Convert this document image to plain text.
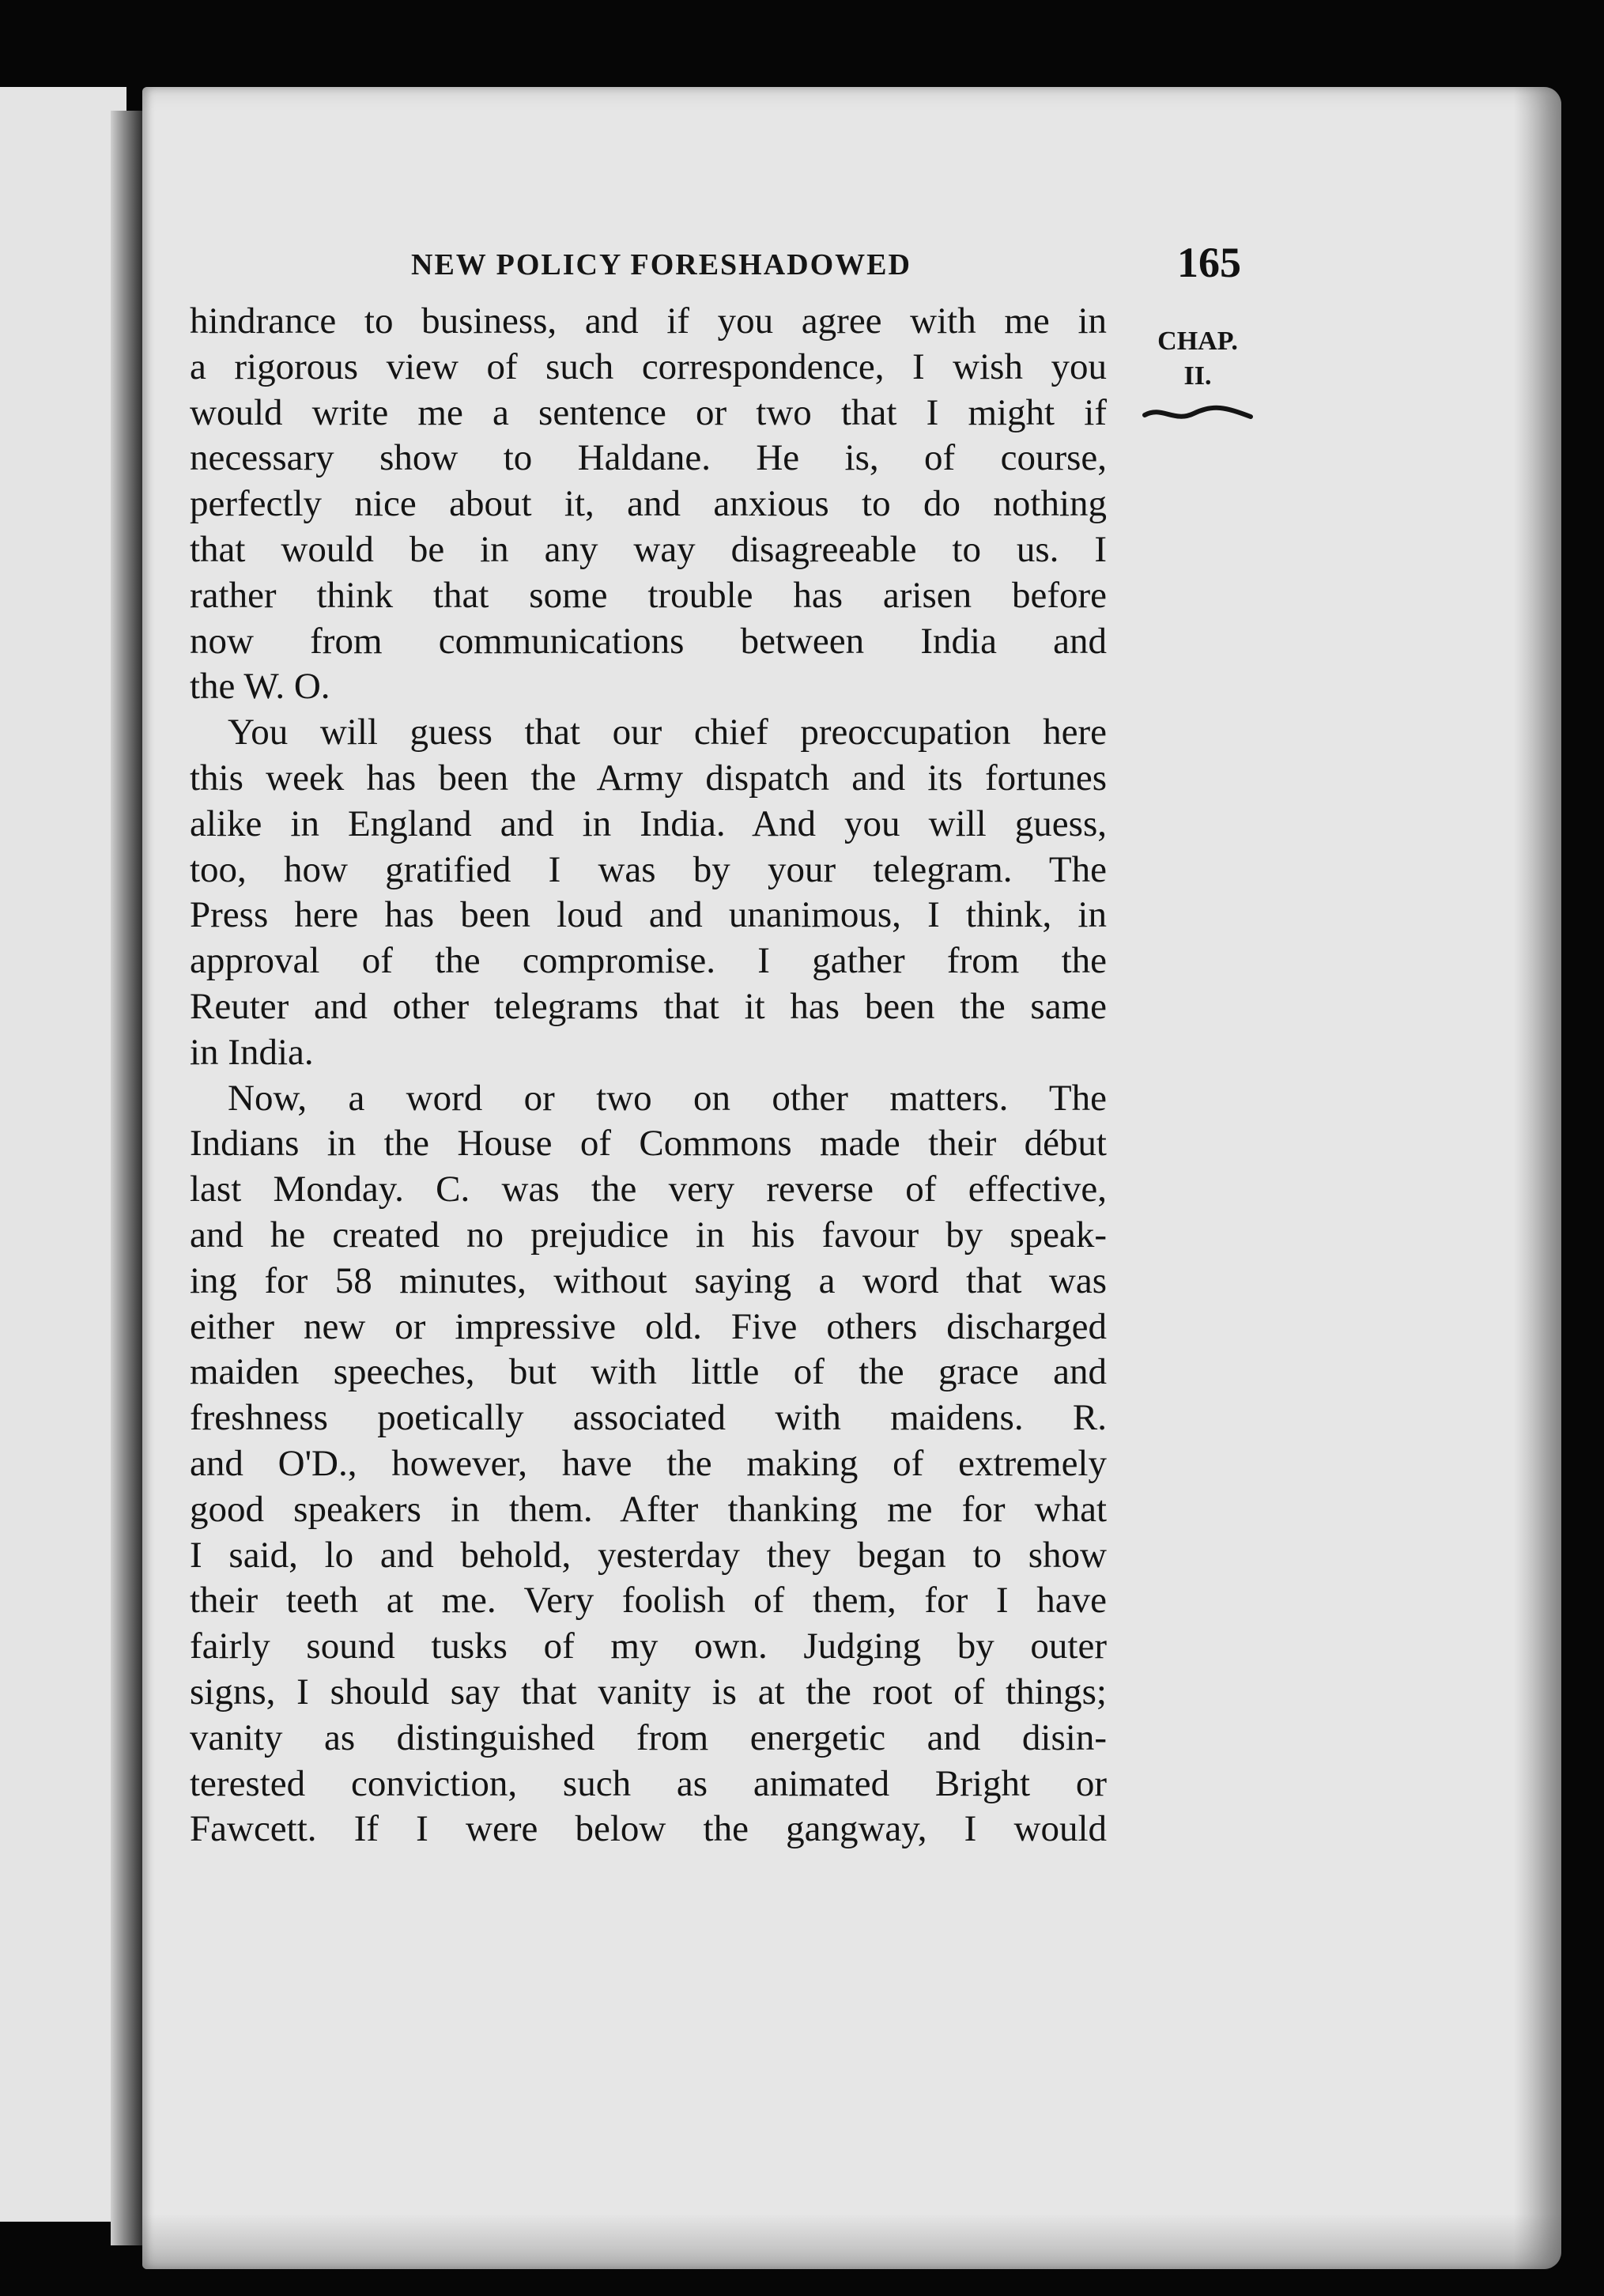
NEW POLICY FORESHADOWED	165
CHAP.
II.
hindrance to business, and if you agree with me in
a rigorous view of such correspondence, I wish you
would write me a sentence or two that I might if
necessary show to Haldane. He is, of course,
perfectly nice about it, and anxious to do nothing
that would be in any way disagreeable to us. I
rather think that some trouble has arisen before
now from communications between India and
the W. O.
You will guess that our chief preoccupation here
this week has been the Army dispatch and its fortunes
alike in England and in India. And you will guess,
too, how gratified I was by your telegram. The
Press here has been loud and unanimous, I think, in
approval of the compromise. I gather from the
Reuter and other telegrams that it has been the same
in India.
Now, a word or two on other matters. The
Indians in the House of Commons made their début
last Monday. C. was the very reverse of effective,
and he created no prejudice in his favour by speak-
ing for 58 minutes, without saying a word that was
either new or impressive old. Five others discharged
maiden speeches, but with little of the grace and
freshness poetically associated with maidens. R.
and O'D., however, have the making of extremely
good speakers in them. After thanking me for what
I said, lo and behold, yesterday they began to show
their teeth at me. Very foolish of them, for I have
fairly sound tusks of my own. Judging by outer
signs, I should say that vanity is at the root of things;
vanity as distinguished from energetic and disin-
terested conviction, such as animated Bright or
Fawcett. If I were below the gangway, I would
